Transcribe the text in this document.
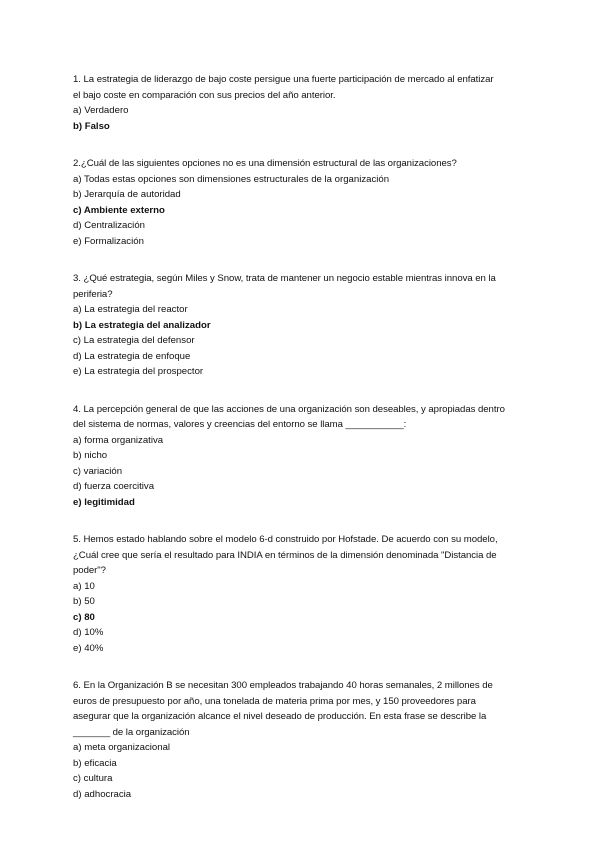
1. La estrategia de liderazgo de bajo coste persigue una fuerte participación de mercado al enfatizar
el bajo coste en comparación con sus precios del año anterior.
a) Verdadero
b) Falso
2.¿Cuál de las siguientes opciones no es una dimensión estructural de las organizaciones?
a) Todas estas opciones son dimensiones estructurales de la organización
b) Jerarquía de autoridad
c) Ambiente externo
d) Centralización
e) Formalización
3. ¿Qué estrategia, según Miles y Snow, trata de mantener un negocio estable mientras innova en la
periferia?
a) La estrategia del reactor
b) La estrategia del analizador
c) La estrategia del defensor
d) La estrategia de enfoque
e) La estrategia del prospector
4. La percepción general de que las acciones de una organización son deseables, y apropiadas dentro
del sistema de normas, valores y creencias del entorno se llama ___________:
a) forma organizativa
b) nicho
c) variación
d) fuerza coercitiva
e) legitimidad
5. Hemos estado hablando sobre el modelo 6-d construido por Hofstade. De acuerdo con su modelo,
¿Cuál cree que sería el resultado para INDIA en términos de la dimensión denominada "Distancia de
poder"?
a) 10
b) 50
c) 80
d) 10%
e) 40%
6. En la Organización B se necesitan 300 empleados trabajando 40 horas semanales, 2 millones de
euros de presupuesto por año, una tonelada de materia prima por mes, y 150 proveedores para
asegurar que la organización alcance el nivel deseado de producción. En esta frase se describe la
_______ de la organización
a) meta organizacional
b) eficacia
c) cultura
d) adhocracia
